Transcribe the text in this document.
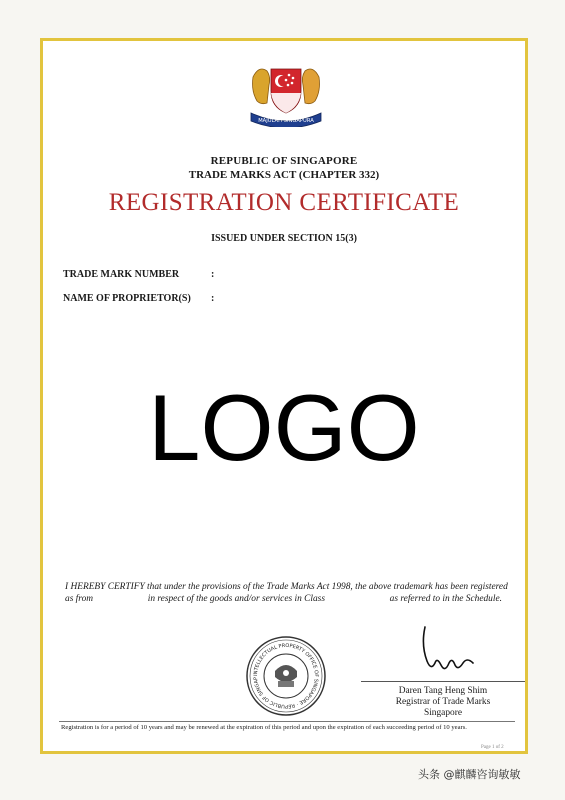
MAJULAH SINGAPURA
REPUBLIC OF SINGAPORE
TRADE MARKS ACT (CHAPTER 332)
REGISTRATION CERTIFICATE
ISSUED UNDER SECTION 15(3)
TRADE MARK NUMBER	:
NAME OF PROPRIETOR(S) :
LOGO
I HEREBY CERTIFY that under the provisions of the Trade Marks Act 1998, the above trademark has been registered as from	in respect of the goods and/or services in Class	as referred to in the Schedule.
INTELLECTUAL PROPERTY OFFICE OF SINGAPORE · REPUBLIC OF SINGAP
Daren Tang Heng Shim
Registrar of Trade Marks
Singapore
Registration is for a period of 10 years and may be renewed at the expiration of this period and upon the expiration of each succeeding period of 10 years.
Page 1 of 2
头条 @麒麟咨询敏敏
